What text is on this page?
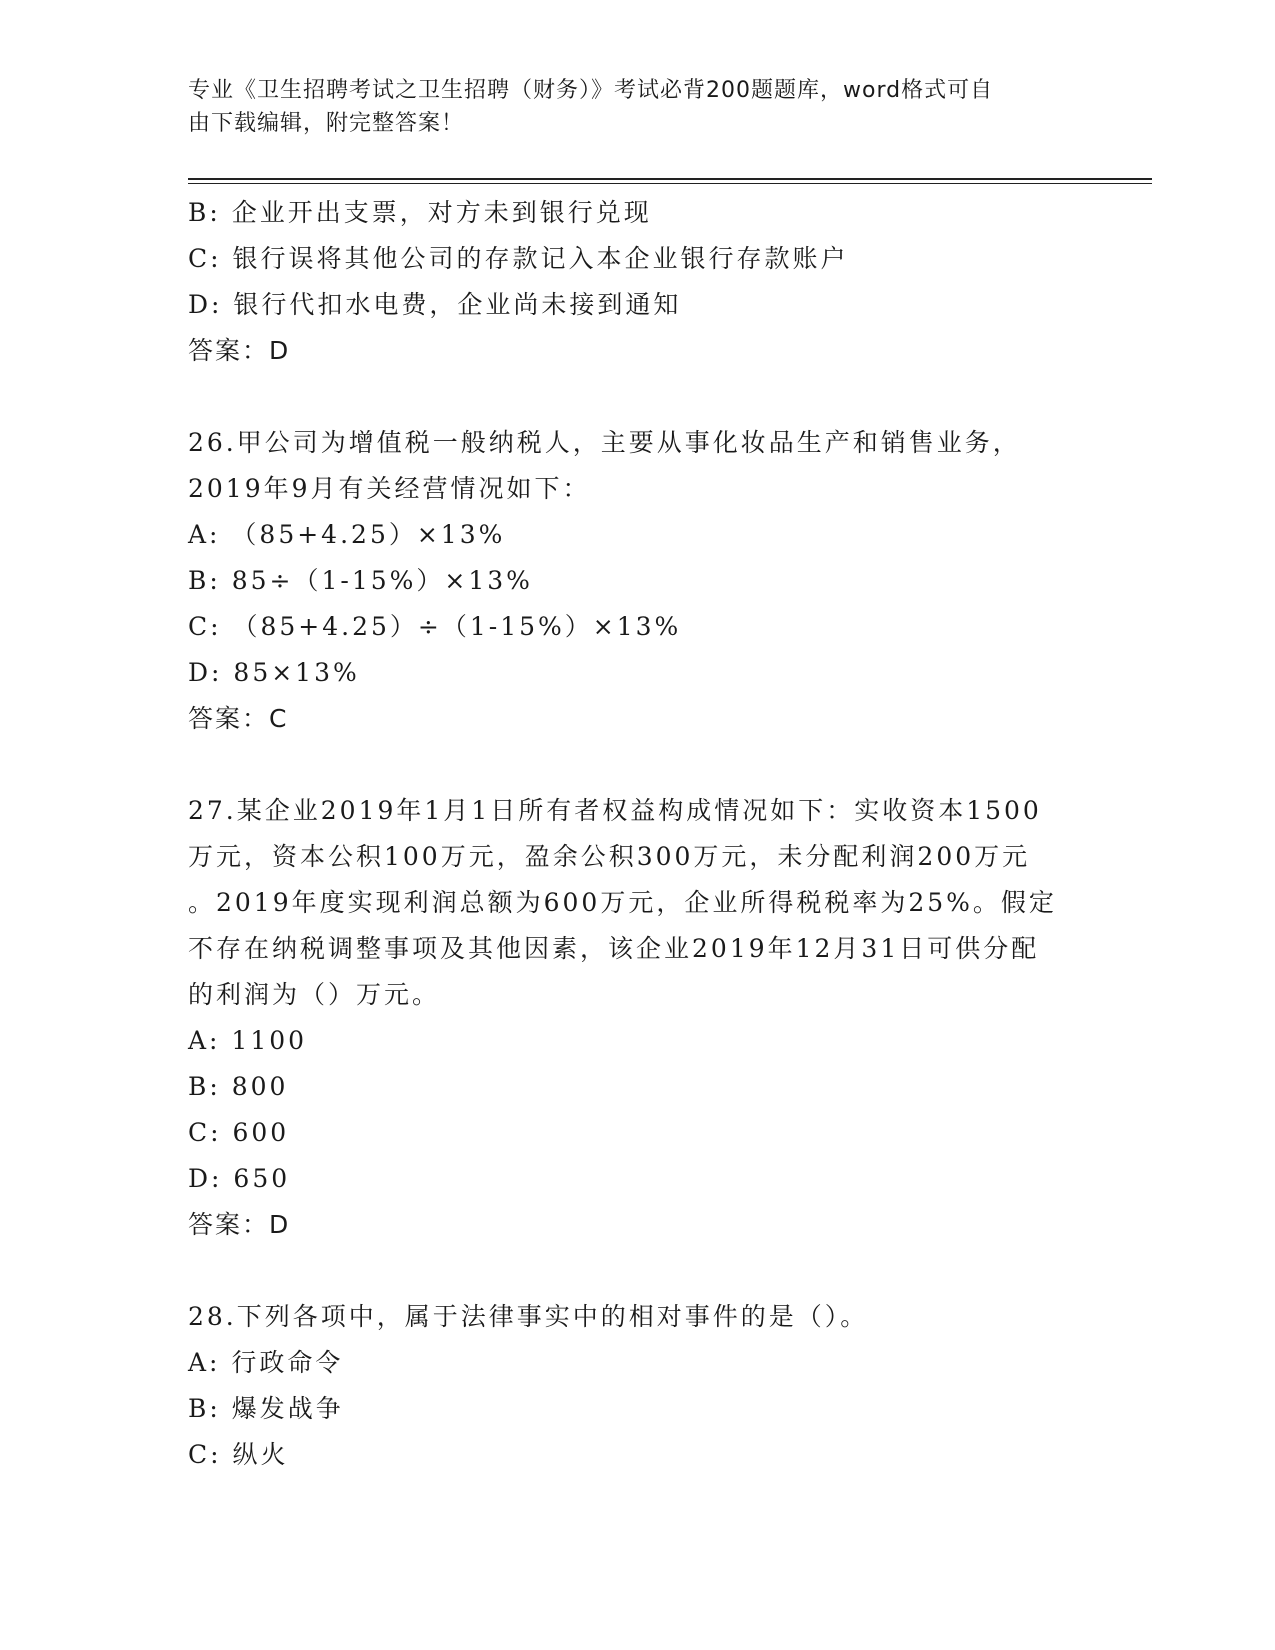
专业《卫生招聘考试之卫生招聘（财务）》考试必背200题题库，word格式可自
由下载编辑，附完整答案！
B: 企业开出支票，对方未到银行兑现
C: 银行误将其他公司的存款记入本企业银行存款账户
D: 银行代扣水电费，企业尚未接到通知
答案：D
26.甲公司为增值税一般纳税人，主要从事化妆品生产和销售业务，
2019年9月有关经营情况如下：
A: （85+4.25）×13%
B: 85÷（1-15%）×13%
C: （85+4.25）÷（1-15%）×13%
D: 85×13%
答案：C
27.某企业2019年1月1日所有者权益构成情况如下：实收资本1500
万元，资本公积100万元，盈余公积300万元，未分配利润200万元
。2019年度实现利润总额为600万元，企业所得税税率为25%。假定
不存在纳税调整事项及其他因素，该企业2019年12月31日可供分配
的利润为（）万元。
A: 1100
B: 800
C: 600
D: 650
答案：D
28.下列各项中，属于法律事实中的相对事件的是（）。
A: 行政命令
B: 爆发战争
C: 纵火
